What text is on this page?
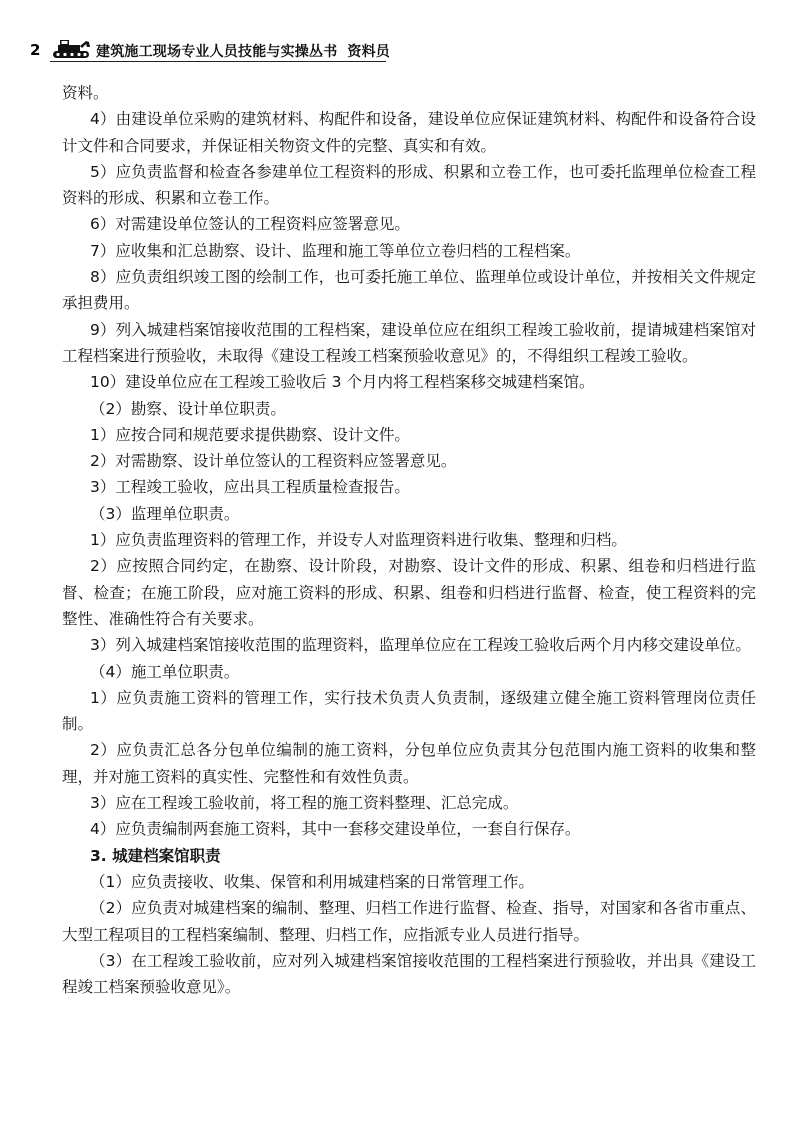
2	建筑施工现场专业人员技能与实操丛书 资料员

资料。

4）由建设单位采购的建筑材料、构配件和设备，建设单位应保证建筑材料、构配件和设备符合设计文件和合同要求，并保证相关物资文件的完整、真实和有效。

5）应负责监督和检查各参建单位工程资料的形成、积累和立卷工作，也可委托监理单位检查工程资料的形成、积累和立卷工作。

6）对需建设单位签认的工程资料应签署意见。

7）应收集和汇总勘察、设计、监理和施工等单位立卷归档的工程档案。

8）应负责组织竣工图的绘制工作，也可委托施工单位、监理单位或设计单位，并按相关文件规定承担费用。

9）列入城建档案馆接收范围的工程档案，建设单位应在组织工程竣工验收前，提请城建档案馆对工程档案进行预验收，未取得《建设工程竣工档案预验收意见》的，不得组织工程竣工验收。

10）建设单位应在工程竣工验收后 3 个月内将工程档案移交城建档案馆。

（2）勘察、设计单位职责。

1）应按合同和规范要求提供勘察、设计文件。

2）对需勘察、设计单位签认的工程资料应签署意见。

3）工程竣工验收，应出具工程质量检查报告。

（3）监理单位职责。

1）应负责监理资料的管理工作，并设专人对监理资料进行收集、整理和归档。

2）应按照合同约定，在勘察、设计阶段，对勘察、设计文件的形成、积累、组卷和归档进行监督、检查；在施工阶段，应对施工资料的形成、积累、组卷和归档进行监督、检查，使工程资料的完整性、准确性符合有关要求。

3）列入城建档案馆接收范围的监理资料，监理单位应在工程竣工验收后两个月内移交建设单位。

（4）施工单位职责。

1）应负责施工资料的管理工作，实行技术负责人负责制，逐级建立健全施工资料管理岗位责任制。

2）应负责汇总各分包单位编制的施工资料，分包单位应负责其分包范围内施工资料的收集和整理，并对施工资料的真实性、完整性和有效性负责。

3）应在工程竣工验收前，将工程的施工资料整理、汇总完成。

4）应负责编制两套施工资料，其中一套移交建设单位，一套自行保存。

3. 城建档案馆职责

（1）应负责接收、收集、保管和利用城建档案的日常管理工作。

（2）应负责对城建档案的编制、整理、归档工作进行监督、检查、指导，对国家和各省市重点、大型工程项目的工程档案编制、整理、归档工作，应指派专业人员进行指导。

（3）在工程竣工验收前，应对列入城建档案馆接收范围的工程档案进行预验收，并出具《建设工程竣工档案预验收意见》。
